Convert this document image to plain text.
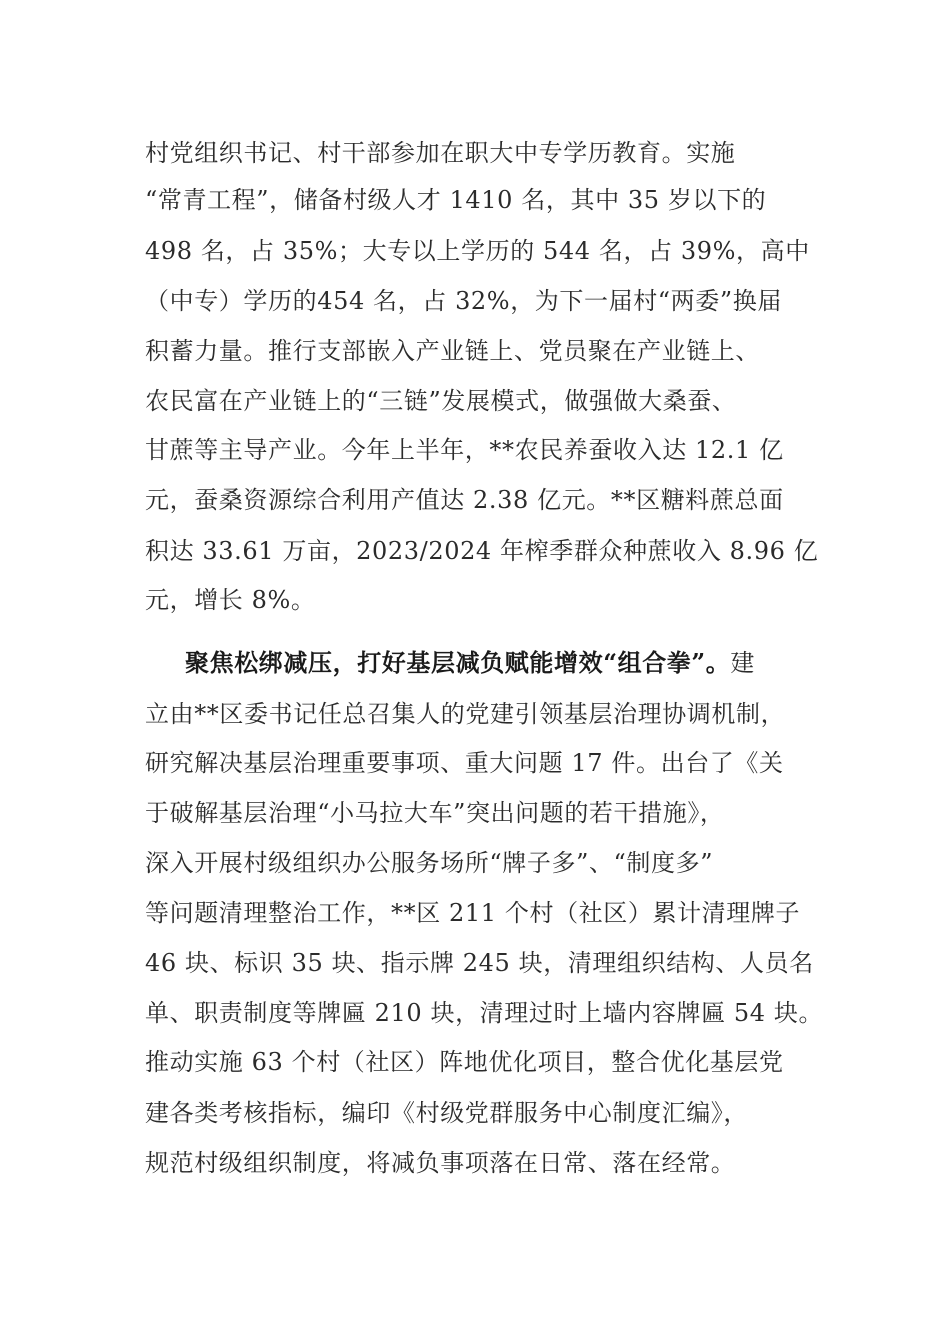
村党组织书记、村干部参加在职大中专学历教育。实施
“常青工程”，储备村级人才 1410 名，其中 35 岁以下的
498 名，占 35%；大专以上学历的 544 名，占 39%，高中
（中专）学历的454 名，占 32%，为下一届村“两委”换届
积蓄力量。推行支部嵌入产业链上、党员聚在产业链上、
农民富在产业链上的“三链”发展模式，做强做大桑蚕、
甘蔗等主导产业。今年上半年，**农民养蚕收入达 12.1 亿
元，蚕桑资源综合利用产值达 2.38 亿元。**区糖料蔗总面
积达 33.61 万亩，2023/2024 年榨季群众种蔗收入 8.96 亿
元，增长 8%。
聚焦松绑减压，打好基层减负赋能增效“组合拳”。建
立由**区委书记任总召集人的党建引领基层治理协调机制，
研究解决基层治理重要事项、重大问题 17 件。出台了《关
于破解基层治理“小马拉大车”突出问题的若干措施》，
深入开展村级组织办公服务场所“牌子多”、“制度多”
等问题清理整治工作，**区 211 个村（社区）累计清理牌子
46 块、标识 35 块、指示牌 245 块，清理组织结构、人员名
单、职责制度等牌匾 210 块，清理过时上墙内容牌匾 54 块。
推动实施 63 个村（社区）阵地优化项目，整合优化基层党
建各类考核指标，编印《村级党群服务中心制度汇编》，
规范村级组织制度，将减负事项落在日常、落在经常。
